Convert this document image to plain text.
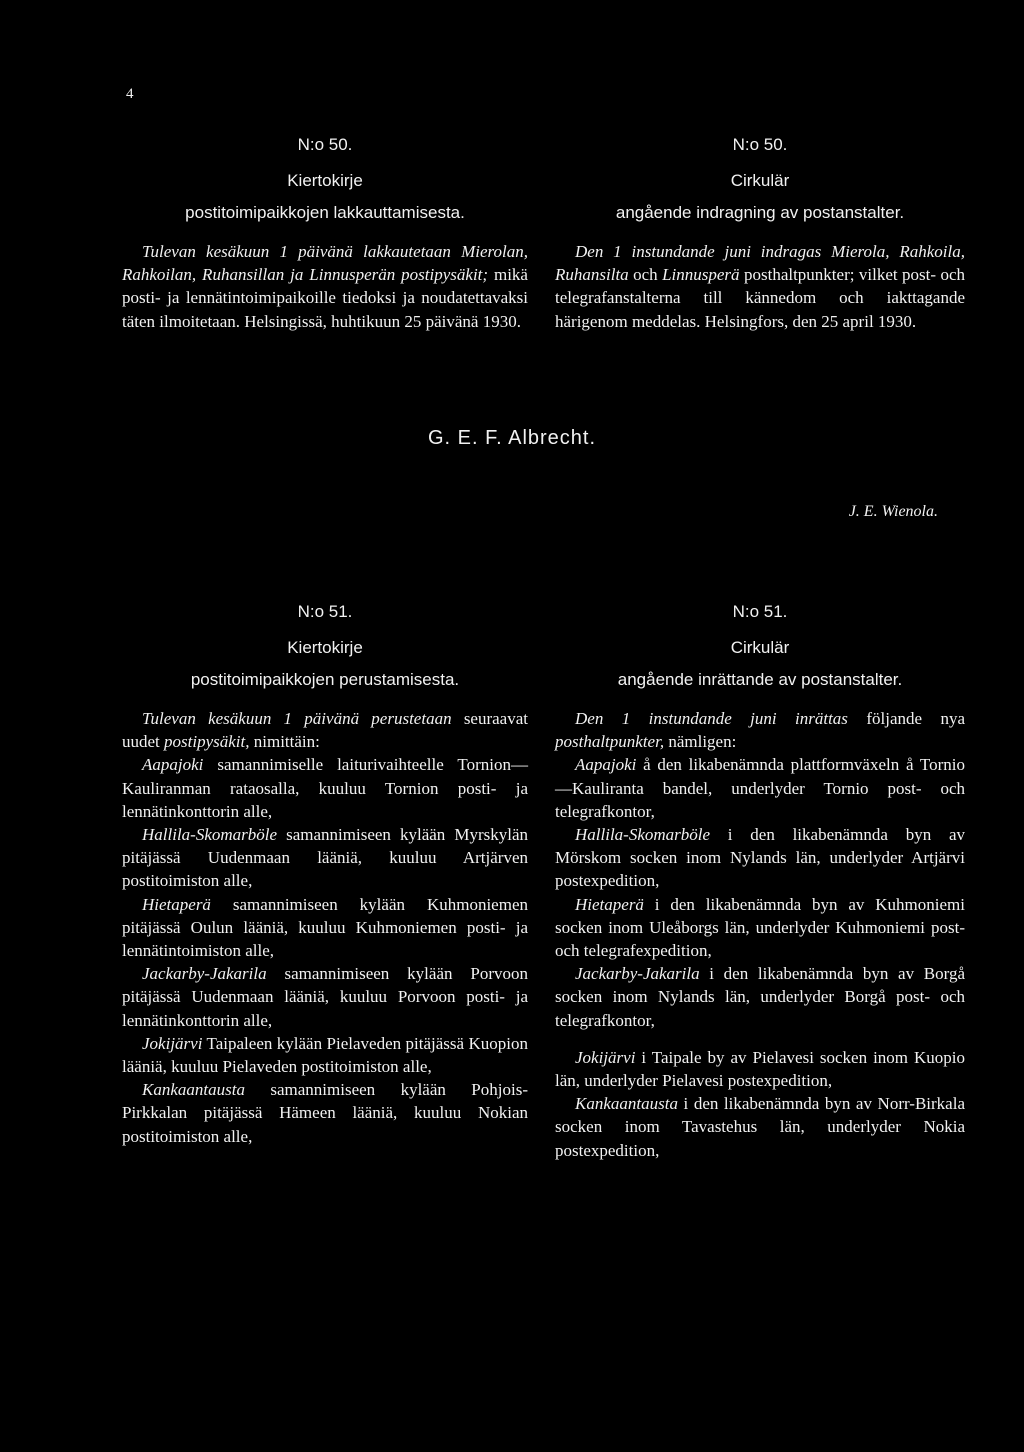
4
N:o 50.
Kiertokirje
postitoimipaikkojen lakkauttamisesta.
Tulevan kesäkuun 1 päivänä lakkautetaan Mierolan, Rahkoilan, Ruhansillan ja Linnusperän postipysäkit; mikä posti- ja lennätintoimipaikoille tiedoksi ja noudatettavaksi täten ilmoitetaan. Helsingissä, huhtikuun 25 päivänä 1930.
N:o 50.
Cirkulär
angående indragning av postanstalter.
Den 1 instundande juni indragas Mierola, Rahkoila, Ruhansilta och Linnusperä posthaltpunkter; vilket post- och telegrafanstalterna till kännedom och iakttagande härigenom meddelas. Helsingfors, den 25 april 1930.
G. E. F. Albrecht.
J. E. Wienola.
N:o 51.
Kiertokirje
postitoimipaikkojen perustamisesta.
Tulevan kesäkuun 1 päivänä perustetaan seuraavat uudet postipysäkit, nimittäin:
Aapajoki samannimiselle laiturivaihteelle Tornion—Kauliranman rataosalla, kuuluu Tornion posti- ja lennätinkonttorin alle,
Hallila-Skomarböle samannimiseen kylään Myrskylän pitäjässä Uudenmaan lääniä, kuuluu Artjärven postitoimiston alle,
Hietaperä samannimiseen kylään Kuhmoniemen pitäjässä Oulun lääniä, kuuluu Kuhmoniemen posti- ja lennätintoimiston alle,
Jackarby-Jakarila samannimiseen kylään Porvoon pitäjässä Uudenmaan lääniä, kuuluu Porvoon posti- ja lennätinkonttorin alle,
Jokijärvi Taipaleen kylään Pielaveden pitäjässä Kuopion lääniä, kuuluu Pielaveden postitoimiston alle,
Kankaantausta samannimiseen kylään Pohjois-Pirkkalan pitäjässä Hämeen lääniä, kuuluu Nokian postitoimiston alle,
N:o 51.
Cirkulär
angående inrättande av postanstalter.
Den 1 instundande juni inrättas följande nya posthaltpunkter, nämligen:
Aapajoki å den likabenämnda plattformväxeln å Tornio—Kauliranta bandel, underlyder Tornio post- och telegrafkontor,
Hallila-Skomarböle i den likabenämnda byn av Mörskom socken inom Nylands län, underlyder Artjärvi postexpedition,
Hietaperä i den likabenämnda byn av Kuhmoniemi socken inom Uleåborgs län, underlyder Kuhmoniemi post- och telegrafexpedition,
Jackarby-Jakarila i den likabenämnda byn av Borgå socken inom Nylands län, underlyder Borgå post- och telegrafkontor,
Jokijärvi i Taipale by av Pielavesi socken inom Kuopio län, underlyder Pielavesi postexpedition,
Kankaantausta i den likabenämnda byn av Norr-Birkala socken inom Tavastehus län, underlyder Nokia postexpedition,
